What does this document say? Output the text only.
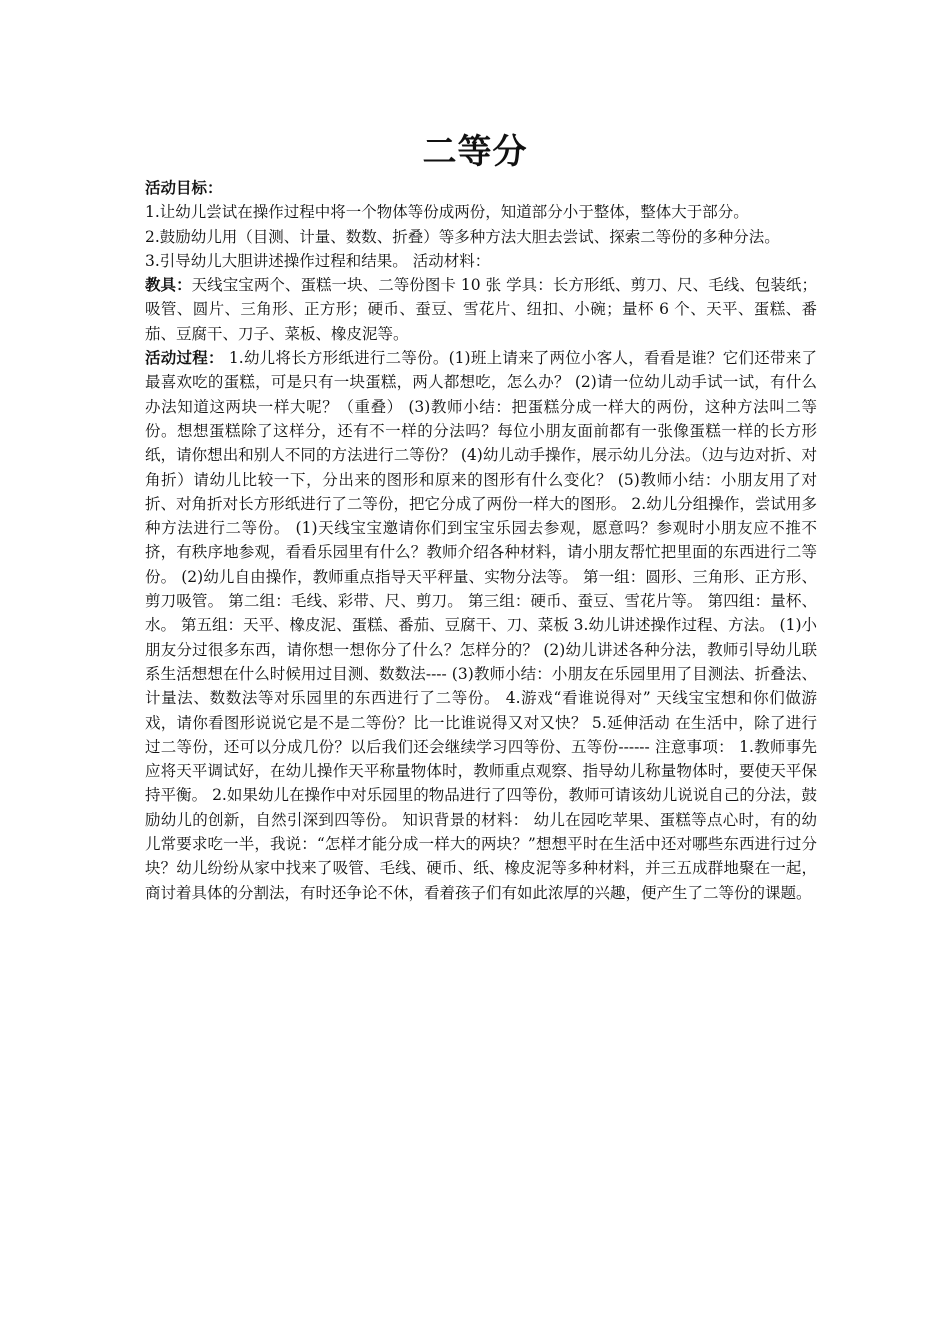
二等分

活动目标：

1.让幼儿尝试在操作过程中将一个物体等份成两份，知道部分小于整体，整体大于部分。

2.鼓励幼儿用（目测、计量、数数、折叠）等多种方法大胆去尝试、探索二等份的多种分法。

3.引导幼儿大胆讲述操作过程和结果。 活动材料：

教具：天线宝宝两个、蛋糕一块、二等份图卡 10 张 学具：长方形纸、剪刀、尺、毛线、包装纸；吸管、圆片、三角形、正方形；硬币、蚕豆、雪花片、纽扣、小碗；量杯 6 个、天平、蛋糕、番茄、豆腐干、刀子、菜板、橡皮泥等。

活动过程： 1.幼儿将长方形纸进行二等份。(1)班上请来了两位小客人，看看是谁？它们还带来了最喜欢吃的蛋糕，可是只有一块蛋糕，两人都想吃，怎么办？ (2)请一位幼儿动手试一试，有什么办法知道这两块一样大呢？（重叠） (3)教师小结：把蛋糕分成一样大的两份，这种方法叫二等份。想想蛋糕除了这样分，还有不一样的分法吗？每位小朋友面前都有一张像蛋糕一样的长方形纸，请你想出和别人不同的方法进行二等份？ (4)幼儿动手操作，展示幼儿分法。（边与边对折、对角折）请幼儿比较一下，分出来的图形和原来的图形有什么变化？ (5)教师小结：小朋友用了对折、对角折对长方形纸进行了二等份，把它分成了两份一样大的图形。 2.幼儿分组操作，尝试用多种方法进行二等份。 (1)天线宝宝邀请你们到宝宝乐园去参观，愿意吗？参观时小朋友应不推不挤，有秩序地参观，看看乐园里有什么？教师介绍各种材料，请小朋友帮忙把里面的东西进行二等份。 (2)幼儿自由操作，教师重点指导天平秤量、实物分法等。 第一组：圆形、三角形、正方形、剪刀吸管。 第二组：毛线、彩带、尺、剪刀。 第三组：硬币、蚕豆、雪花片等。 第四组：量杯、水。 第五组：天平、橡皮泥、蛋糕、番茄、豆腐干、刀、菜板 3.幼儿讲述操作过程、方法。 (1)小朋友分过很多东西，请你想一想你分了什么？怎样分的？ (2)幼儿讲述各种分法，教师引导幼儿联系生活想想在什么时候用过目测、数数法---- (3)教师小结：小朋友在乐园里用了目测法、折叠法、计量法、数数法等对乐园里的东西进行了二等份。 4.游戏“看谁说得对” 天线宝宝想和你们做游戏，请你看图形说说它是不是二等份？比一比谁说得又对又快？ 5.延伸活动 在生活中，除了进行过二等份，还可以分成几份？以后我们还会继续学习四等份、五等份------ 注意事项： 1.教师事先应将天平调试好，在幼儿操作天平称量物体时，教师重点观察、指导幼儿称量物体时，要使天平保持平衡。 2.如果幼儿在操作中对乐园里的物品进行了四等份，教师可请该幼儿说说自己的分法，鼓励幼儿的创新，自然引深到四等份。 知识背景的材料： 幼儿在园吃苹果、蛋糕等点心时，有的幼儿常要求吃一半，我说：“怎样才能分成一样大的两块？”想想平时在生活中还对哪些东西进行过分块？幼儿纷纷从家中找来了吸管、毛线、硬币、纸、橡皮泥等多种材料，并三五成群地聚在一起，商讨着具体的分割法，有时还争论不休，看着孩子们有如此浓厚的兴趣，便产生了二等份的课题。
